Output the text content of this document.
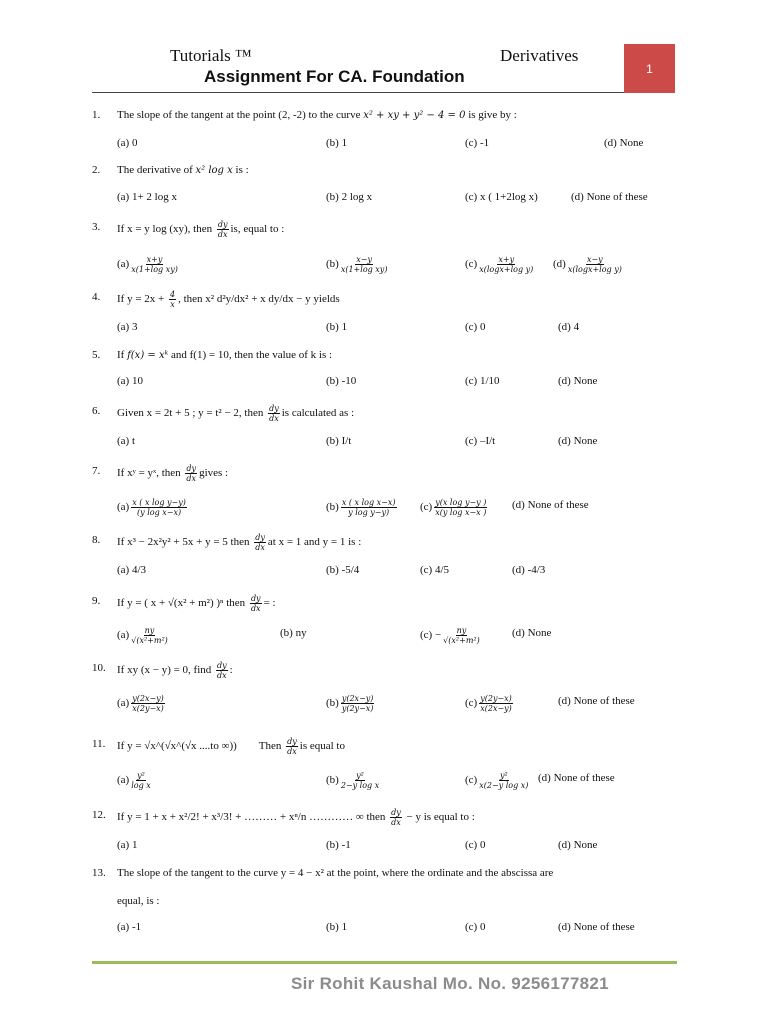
Tutorials ™	Derivatives
Assignment For CA. Foundation	1
1.	The slope of the tangent at the point (2, -2) to the curve x² + xy + y² − 4 = 0 is give by :
(a) 0	(b) 1	(c) -1	(d) None
2.	The derivative of x² log x is :
(a) 1+ 2 log x	(b) 2 log x	(c) x ( 1+2log x)	(d) None of these
3.	If x = y log (xy), then $\frac{dy}{dx}$ is, equal to :
$(a) \frac{x+y}{\text{x(1+log xy)}}$	$(b) \frac{x-y}{\text{x(1+log xy)}}$	$(c) \frac{x+y}{\text{x(logx+log y)}} (d) \frac{x-y}{\text{x(logx+log y)}}$
4.	If $y = 2x + \frac{4}{x}$ , then x² d²y/dx² + x dy/dx − y yields
(a) 3	(b) 1	(c) 0	(d) 4
5.	If f(x) = xᵏ and f(1) = 10, then the value of k is :
(a) 10	(b) -10	(c) 1/10	(d) None
6.	Given x = 2t + 5 ; y = t² − 2, then $\frac{dy}{dx}$ is calculated as :
(a) t	(b) I/t	(c) –I/t	(d) None
7.	If xʸ = yˣ, then $\frac{dy}{dx}$ gives :
$(a) \frac{\text{x ( x log y−y)}}{\text{(y log x−x)}}$	$(b) \frac{\text{x ( x log x−x)}}{\text{y log y−y)}} (c) \frac{\text{y(x log y−y )}}{\text{x(y log x−x )}} (d)$ None of these
8.	If x³ − 2x²y² + 5x + y = 5 then $\frac{dy}{dx}$ at x = 1 and y = 1 is :
(a) 4/3	(b) -5/4	(c) 4/5	(d) -4/3
9.	If y = ( x + √(x² + m²) )ⁿ then $\frac{dy}{dx}$ = :
$(a) \frac{ny}{\text{√(x²+m²)}}$	(b) ny	$(c) - \frac{ny}{\text{√(x²+m²)}}$	(d) None
10.	If xy (x − y) = 0, find $\frac{dy}{dx}$ :
$(a) \frac{y(2x-y)}{x(2y-x)}$	$(b) \frac{y(2x-y)}{y(2y-x)}$	$(c) \frac{y(2y-x)}{x(2x-y)}$	(d) None of these
11.	If y = √x^(√x^(√x ....to ∞)) Then $\frac{dy}{dx}$ is equal to
$(a) \frac{\text{y²}}{\text{log x}}$	$(b) \frac{\text{y²}}{\text{2−y log x}}$	$(c) \frac{\text{y²}}{\text{x(2−y log x)}} (d)$ None of these
12.	If y = 1 + x + x²/2! + x³/3! + ……… + xⁿ/n ………… ∞ then $\frac{dy}{dx} - y$ is equal to :
(a) 1	(b) -1	(c) 0	(d) None
13.	The slope of the tangent to the curve y = 4 − x² at the point, where the ordinate and the abscissa are
equal, is :
(a) -1	(b) 1	(c) 0	(d) None of these
Sir Rohit Kaushal Mo. No. 9256177821
